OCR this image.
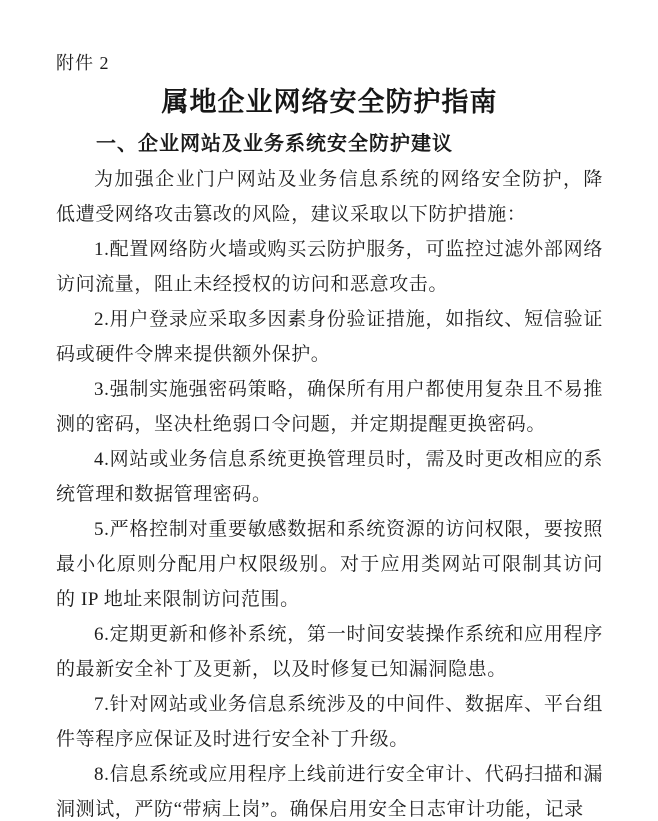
附件 2
属地企业网络安全防护指南
一、企业网站及业务系统安全防护建议

为加强企业门户网站及业务信息系统的网络安全防护，降低遭受网络攻击篡改的风险，建议采取以下防护措施：

1.配置网络防火墙或购买云防护服务，可监控过滤外部网络访问流量，阻止未经授权的访问和恶意攻击。

2.用户登录应采取多因素身份验证措施，如指纹、短信验证码或硬件令牌来提供额外保护。

3.强制实施强密码策略，确保所有用户都使用复杂且不易推测的密码，坚决杜绝弱口令问题，并定期提醒更换密码。

4.网站或业务信息系统更换管理员时，需及时更改相应的系统管理和数据管理密码。

5.严格控制对重要敏感数据和系统资源的访问权限，要按照最小化原则分配用户权限级别。对于应用类网站可限制其访问的 IP 地址来限制访问范围。

6.定期更新和修补系统，第一时间安装操作系统和应用程序的最新安全补丁及更新，以及时修复已知漏洞隐患。

7.针对网站或业务信息系统涉及的中间件、数据库、平台组件等程序应保证及时进行安全补丁升级。

8.信息系统或应用程序上线前进行安全审计、代码扫描和漏洞测试，严防“带病上岗”。确保启用安全日志审计功能，记录
